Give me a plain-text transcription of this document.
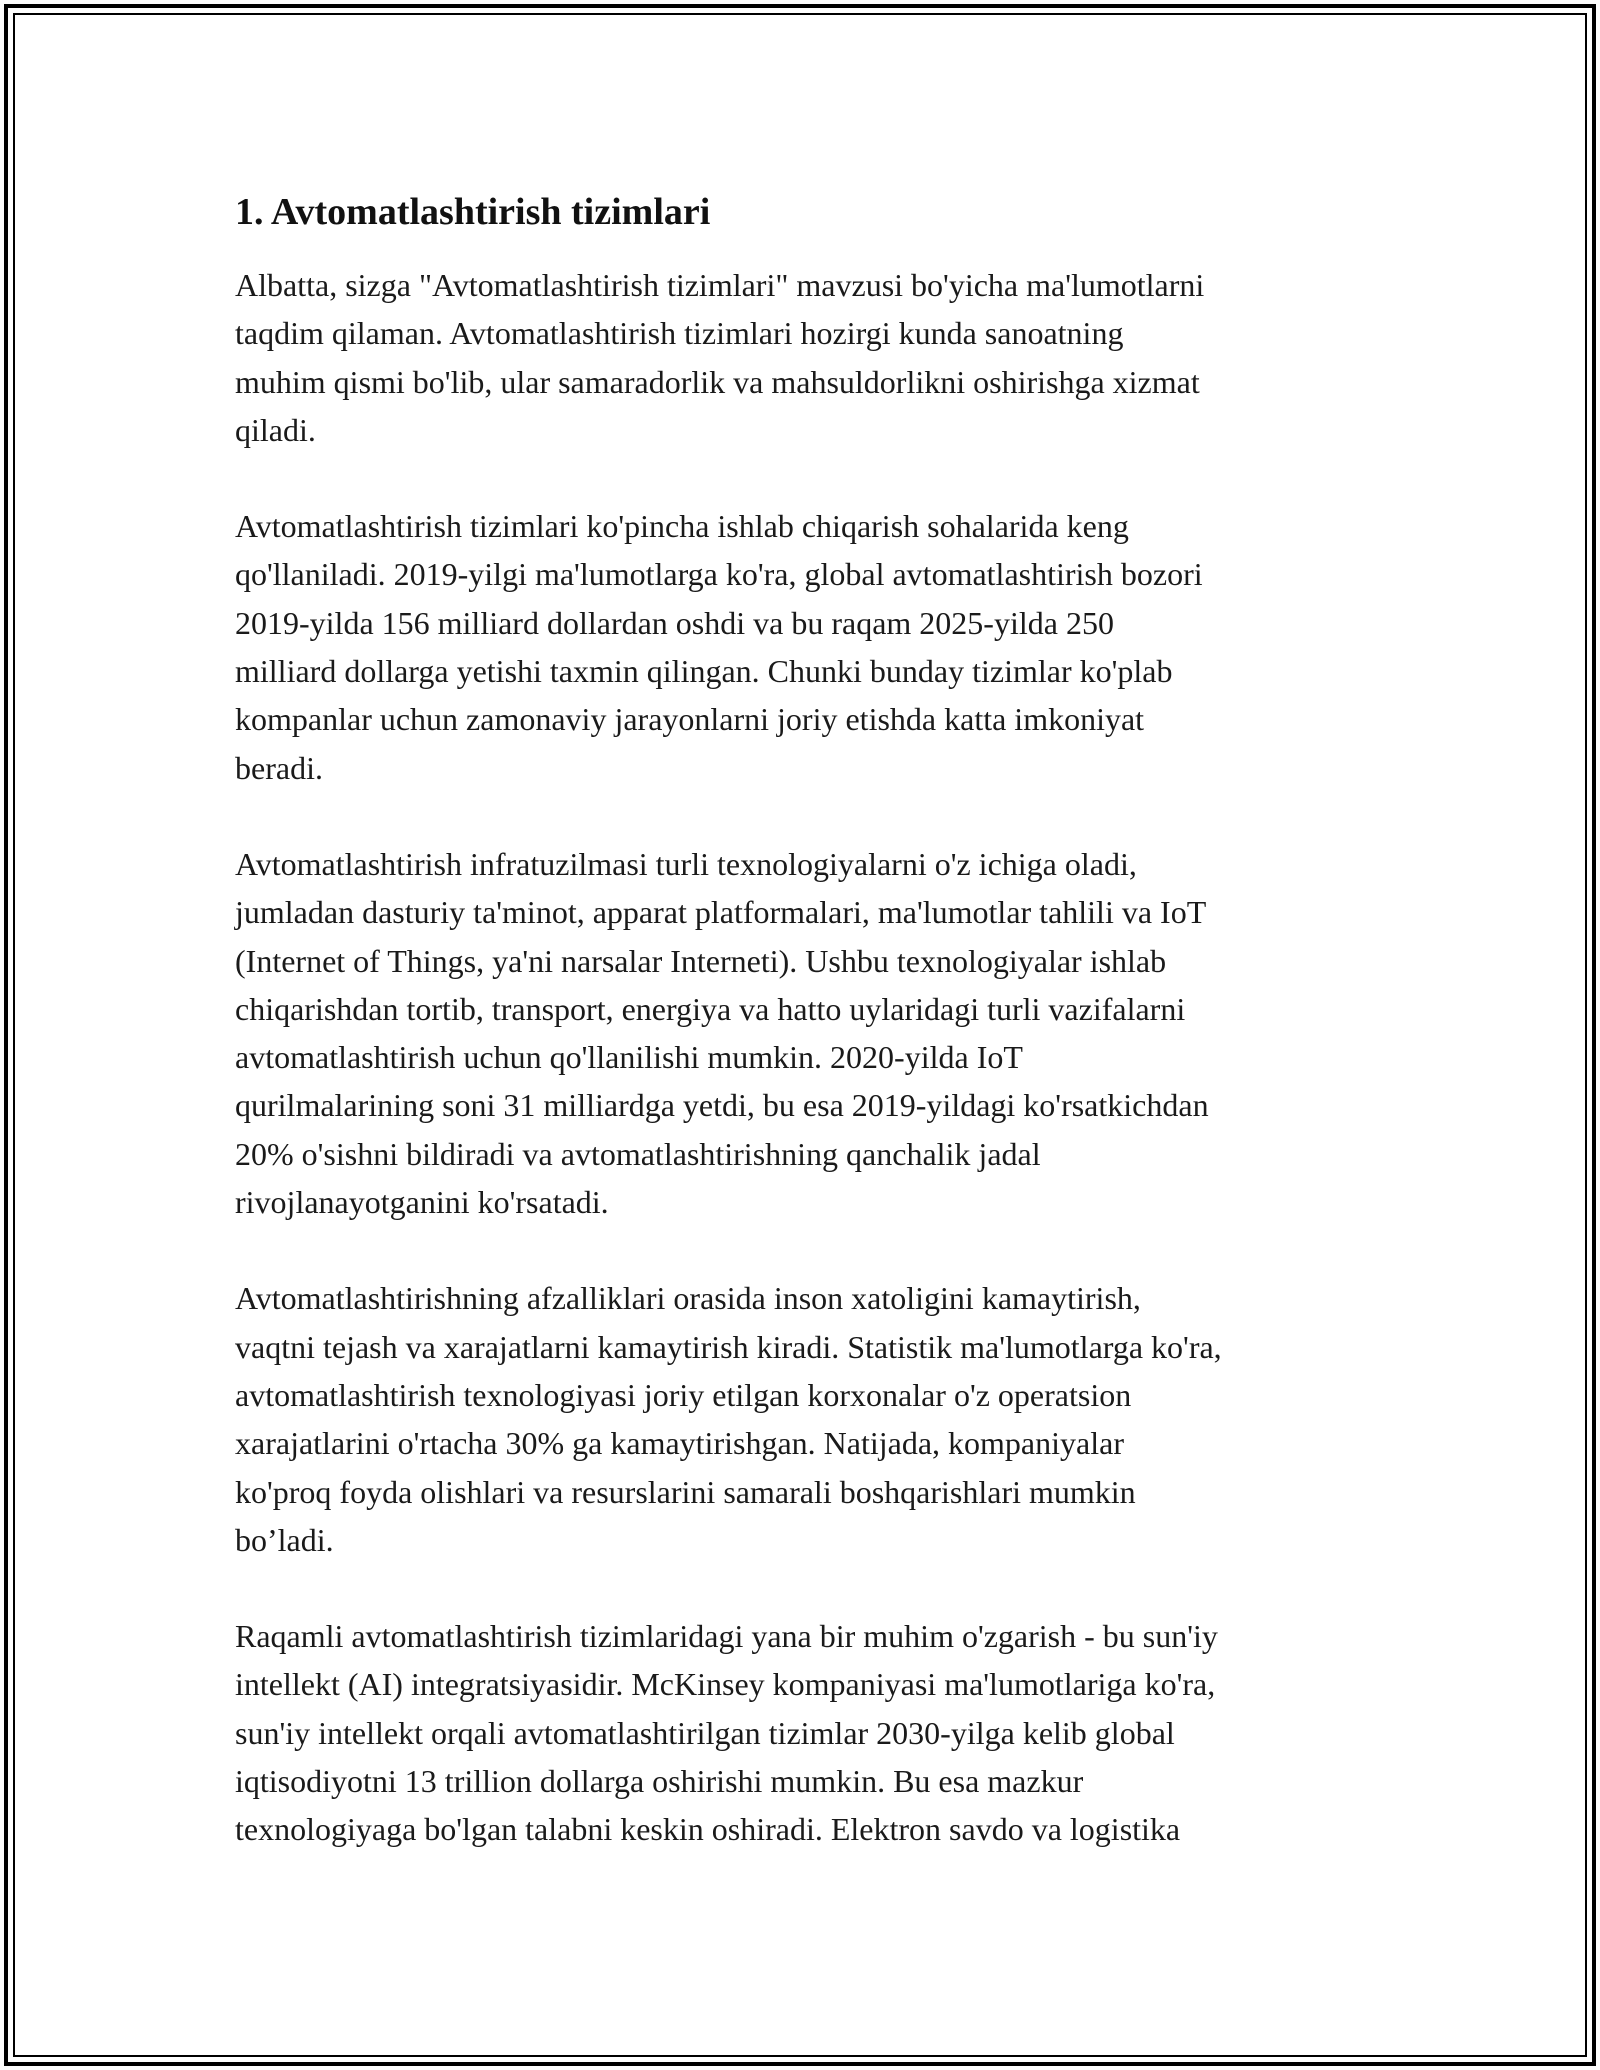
1. Avtomatlashtirish tizimlari

Albatta, sizga "Avtomatlashtirish tizimlari" mavzusi bo'yicha ma'lumotlarni
taqdim qilaman. Avtomatlashtirish tizimlari hozirgi kunda sanoatning
muhim qismi bo'lib, ular samaradorlik va mahsuldorlikni oshirishga xizmat
qiladi.

Avtomatlashtirish tizimlari ko'pincha ishlab chiqarish sohalarida keng
qo'llaniladi. 2019-yilgi ma'lumotlarga ko'ra, global avtomatlashtirish bozori
2019-yilda 156 milliard dollardan oshdi va bu raqam 2025-yilda 250
milliard dollarga yetishi taxmin qilingan. Chunki bunday tizimlar ko'plab
kompanlar uchun zamonaviy jarayonlarni joriy etishda katta imkoniyat
beradi.

Avtomatlashtirish infratuzilmasi turli texnologiyalarni o'z ichiga oladi,
jumladan dasturiy ta'minot, apparat platformalari, ma'lumotlar tahlili va IoT
(Internet of Things, ya'ni narsalar Interneti). Ushbu texnologiyalar ishlab
chiqarishdan tortib, transport, energiya va hatto uylaridagi turli vazifalarni
avtomatlashtirish uchun qo'llanilishi mumkin. 2020-yilda IoT
qurilmalarining soni 31 milliardga yetdi, bu esa 2019-yildagi ko'rsatkichdan
20% o'sishni bildiradi va avtomatlashtirishning qanchalik jadal
rivojlanayotganini ko'rsatadi.

Avtomatlashtirishning afzalliklari orasida inson xatoligini kamaytirish,
vaqtni tejash va xarajatlarni kamaytirish kiradi. Statistik ma'lumotlarga ko'ra,
avtomatlashtirish texnologiyasi joriy etilgan korxonalar o'z operatsion
xarajatlarini o'rtacha 30% ga kamaytirishgan. Natijada, kompaniyalar
ko'proq foyda olishlari va resurslarini samarali boshqarishlari mumkin
bo’ladi.

Raqamli avtomatlashtirish tizimlaridagi yana bir muhim o'zgarish - bu sun'iy
intellekt (AI) integratsiyasidir. McKinsey kompaniyasi ma'lumotlariga ko'ra,
sun'iy intellekt orqali avtomatlashtirilgan tizimlar 2030-yilga kelib global
iqtisodiyotni 13 trillion dollarga oshirishi mumkin. Bu esa mazkur
texnologiyaga bo'lgan talabni keskin oshiradi. Elektron savdo va logistika
